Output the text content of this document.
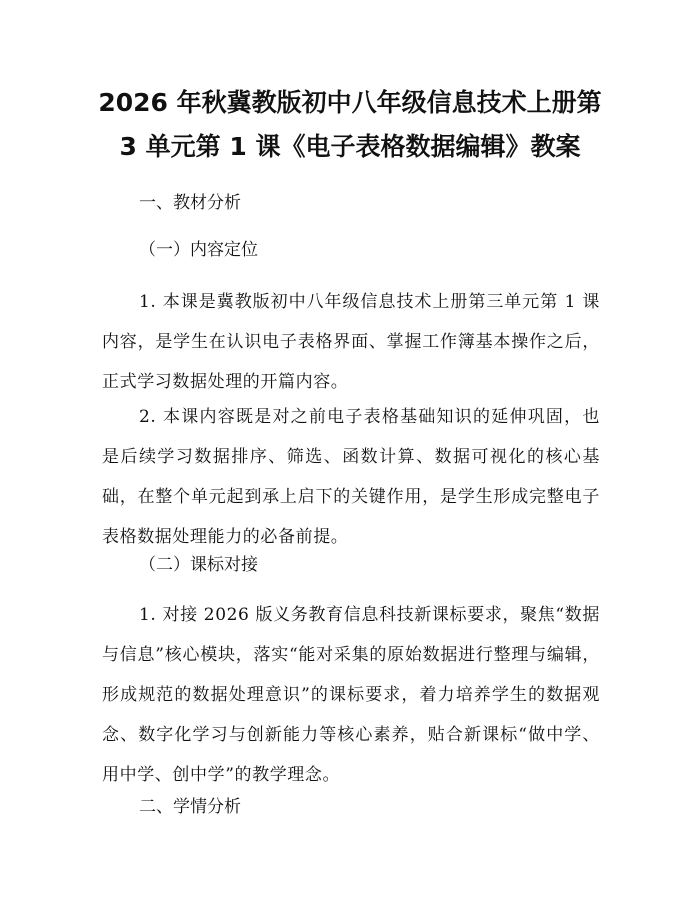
2026 年秋冀教版初中八年级信息技术上册第
3 单元第 1 课《电子表格数据编辑》教案

一、教材分析

（一）内容定位

1. 本课是冀教版初中八年级信息技术上册第三单元第 1 课内容，是学生在认识电子表格界面、掌握工作簿基本操作之后，正式学习数据处理的开篇内容。

2. 本课内容既是对之前电子表格基础知识的延伸巩固，也是后续学习数据排序、筛选、函数计算、数据可视化的核心基础，在整个单元起到承上启下的关键作用，是学生形成完整电子表格数据处理能力的必备前提。

（二）课标对接

1. 对接 2026 版义务教育信息科技新课标要求，聚焦“数据与信息”核心模块，落实“能对采集的原始数据进行整理与编辑，形成规范的数据处理意识”的课标要求，着力培养学生的数据观念、数字化学习与创新能力等核心素养，贴合新课标“做中学、用中学、创中学”的教学理念。

二、学情分析
